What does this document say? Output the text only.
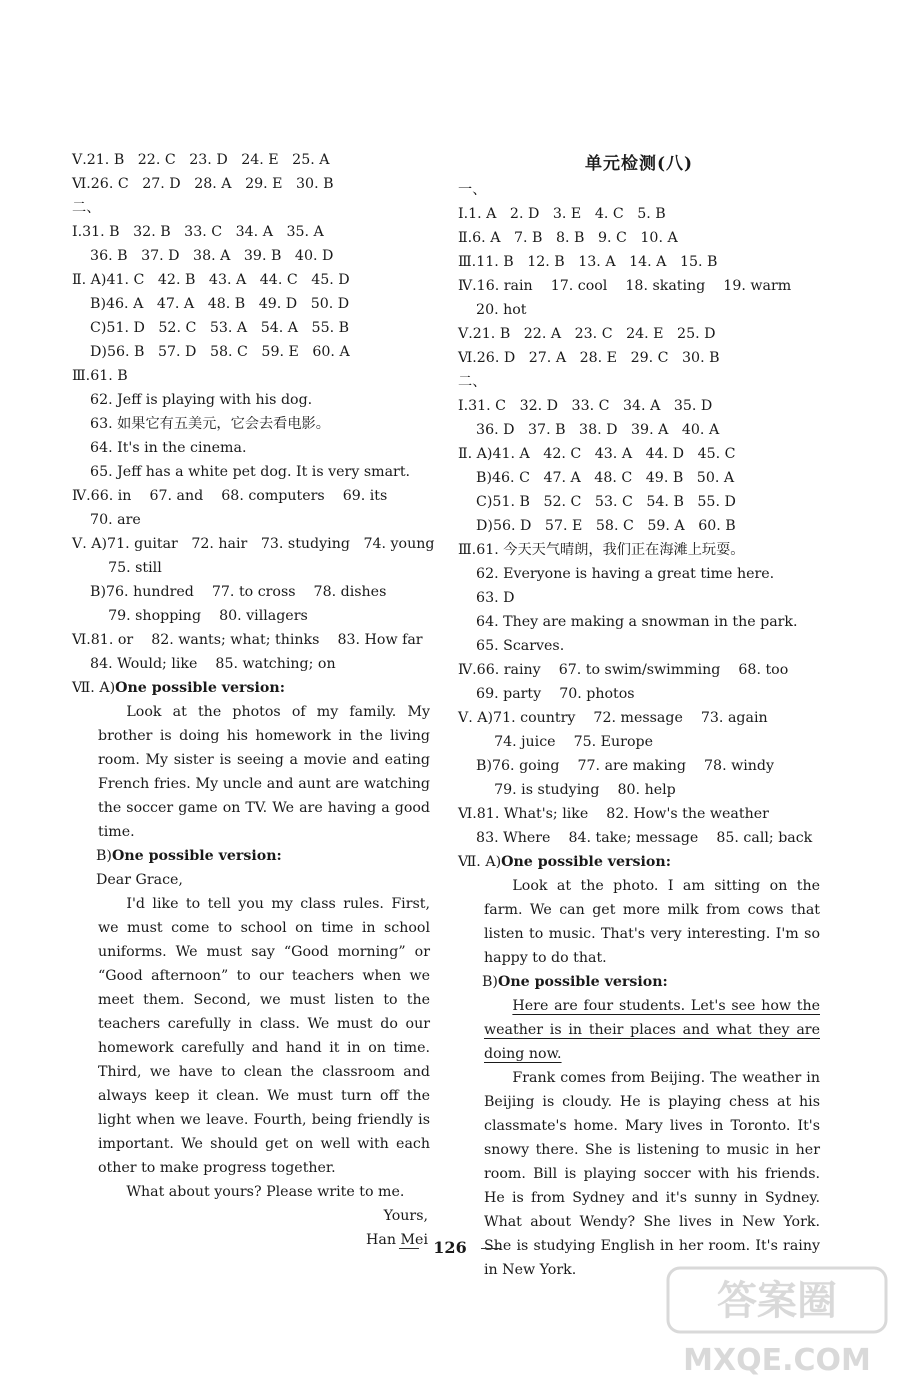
Ⅴ.21. B   22. C   23. D   24. E   25. A
Ⅵ.26. C   27. D   28. A   29. E   30. B
二、
Ⅰ.31. B   32. B   33. C   34. A   35. A
36. B   37. D   38. A   39. B   40. D
Ⅱ. A)41. C   42. B   43. A   44. C   45. D
B)46. A   47. A   48. B   49. D   50. D
C)51. D   52. C   53. A   54. A   55. B
D)56. B   57. D   58. C   59. E   60. A
Ⅲ.61. B
62. Jeff is playing with his dog.
63. 如果它有五美元，它会去看电影。
64. It's in the cinema.
65. Jeff has a white pet dog. It is very smart.
Ⅳ.66. in    67. and    68. computers    69. its
70. are
Ⅴ. A)71. guitar   72. hair   73. studying   74. young
75. still
B)76. hundred    77. to cross    78. dishes
79. shopping    80. villagers
Ⅵ.81. or    82. wants; what; thinks    83. How far
84. Would; like    85. watching; on
Ⅶ. A)One possible version:

Look at the photos of my family. My brother is doing his homework in the living room. My sister is seeing a movie and eating French fries. My uncle and aunt are watching the soccer game on TV. We are having a good time.

B)One possible version:
Dear Grace,

I'd like to tell you my class rules. First, we must come to school on time in school uniforms. We must say “Good morning” or “Good afternoon” to our teachers when we meet them. Second, we must listen to the teachers carefully in class. We must do our homework carefully and hand it in on time. Third, we have to clean the classroom and always keep it clean. We must turn off the light when we leave. Fourth, being friendly is important. We should get on well with each other to make progress together.

What about yours? Please write to me.

Yours,
Han Mei
单元检测(八)
一、
Ⅰ.1. A   2. D   3. E   4. C   5. B
Ⅱ.6. A   7. B   8. B   9. C   10. A
Ⅲ.11. B   12. B   13. A   14. A   15. B
Ⅳ.16. rain    17. cool    18. skating    19. warm
20. hot
Ⅴ.21. B   22. A   23. C   24. E   25. D
Ⅵ.26. D   27. A   28. E   29. C   30. B
二、
Ⅰ.31. C   32. D   33. C   34. A   35. D
36. D   37. B   38. D   39. A   40. A
Ⅱ. A)41. A   42. C   43. A   44. D   45. C
B)46. C   47. A   48. C   49. B   50. A
C)51. B   52. C   53. C   54. B   55. D
D)56. D   57. E   58. C   59. A   60. B
Ⅲ.61. 今天天气晴朗，我们正在海滩上玩耍。
62. Everyone is having a great time here.
63. D
64. They are making a snowman in the park.
65. Scarves.
Ⅳ.66. rainy    67. to swim/swimming    68. too
69. party    70. photos
Ⅴ. A)71. country    72. message    73. again
74. juice    75. Europe
B)76. going    77. are making    78. windy
79. is studying    80. help
Ⅵ.81. What's; like    82. How's the weather
83. Where    84. take; message    85. call; back
Ⅶ. A)One possible version:

Look at the photo. I am sitting on the farm. We can get more milk from cows that listen to music. That's very interesting. I'm so happy to do that.

B)One possible version:

Here are four students. Let's see how the weather is in their places and what they are doing now.

Frank comes from Beijing. The weather in Beijing is cloudy. He is playing chess at his classmate's home. Mary lives in Toronto. It's snowy there. She is listening to music in her room. Bill is playing soccer with his friends. He is from Sydney and it's sunny in Sydney. What about Wendy? She lives in New York. She is studying English in her room. It's rainy in New York.

126
答案圈
MXQE.COM
